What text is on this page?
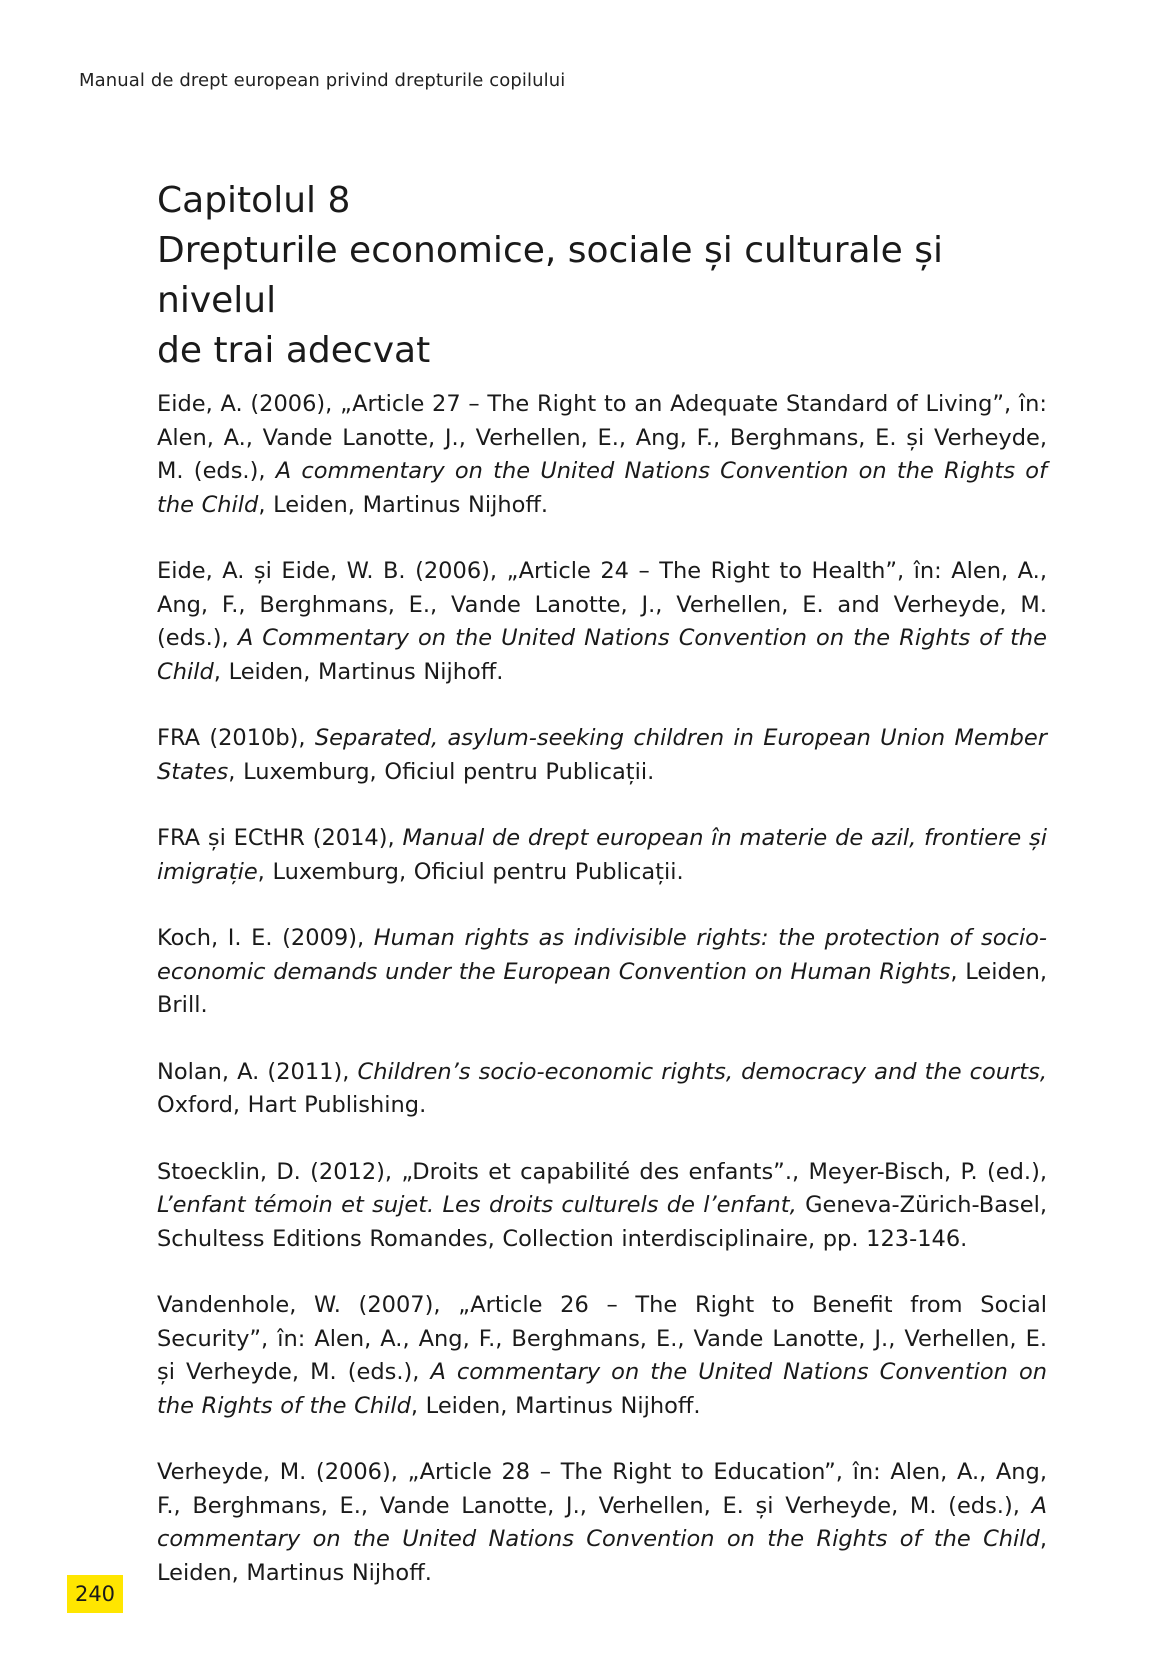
Manual de drept european privind drepturile copilului
Capitolul 8
Drepturile economice, sociale și culturale și nivelul
de trai adecvat

Eide, A. (2006), „Article 27 – The Right to an Adequate Standard of Living”, în: Alen, A., Vande Lanotte, J., Verhellen, E., Ang, F., Berghmans, E. și Verheyde, M. (eds.), A commentary on the United Nations Convention on the Rights of the Child, Leiden, Martinus Nijhoff.

Eide, A. și Eide, W. B. (2006), „Article 24 – The Right to Health”, în: Alen, A., Ang, F., Berghmans, E., Vande Lanotte, J., Verhellen, E. and Verheyde, M. (eds.), A Commentary on the United Nations Convention on the Rights of the Child, Leiden, Martinus Nijhoff.

FRA (2010b), Separated, asylum-seeking children in European Union Member States, Luxemburg, Oficiul pentru Publicații.

FRA și ECtHR (2014), Manual de drept european în materie de azil, frontiere și imigrație, Luxemburg, Oficiul pentru Publicații.

Koch, I. E. (2009), Human rights as indivisible rights: the protection of socio-economic demands under the European Convention on Human Rights, Leiden, Brill.

Nolan, A. (2011), Children’s socio-economic rights, democracy and the courts, Oxford, Hart Publishing.

Stoecklin, D. (2012), „Droits et capabilité des enfants”., Meyer-Bisch, P. (ed.), L’enfant témoin et sujet. Les droits culturels de l’enfant, Geneva-Zürich-Basel, Schultess Editions Romandes, Collection interdisciplinaire, pp. 123-146.

Vandenhole, W. (2007), „Article 26 – The Right to Benefit from Social Security”, în: Alen, A., Ang, F., Berghmans, E., Vande Lanotte, J., Verhellen, E. și Verheyde, M. (eds.), A commentary on the United Nations Convention on the Rights of the Child, Leiden, Martinus Nijhoff.

Verheyde, M. (2006), „Article 28 – The Right to Education”, în: Alen, A., Ang, F., Berghmans, E., Vande Lanotte, J., Verhellen, E. și Verheyde, M. (eds.), A commentary on the United Nations Convention on the Rights of the Child, Leiden, Martinus Nijhoff.

240
